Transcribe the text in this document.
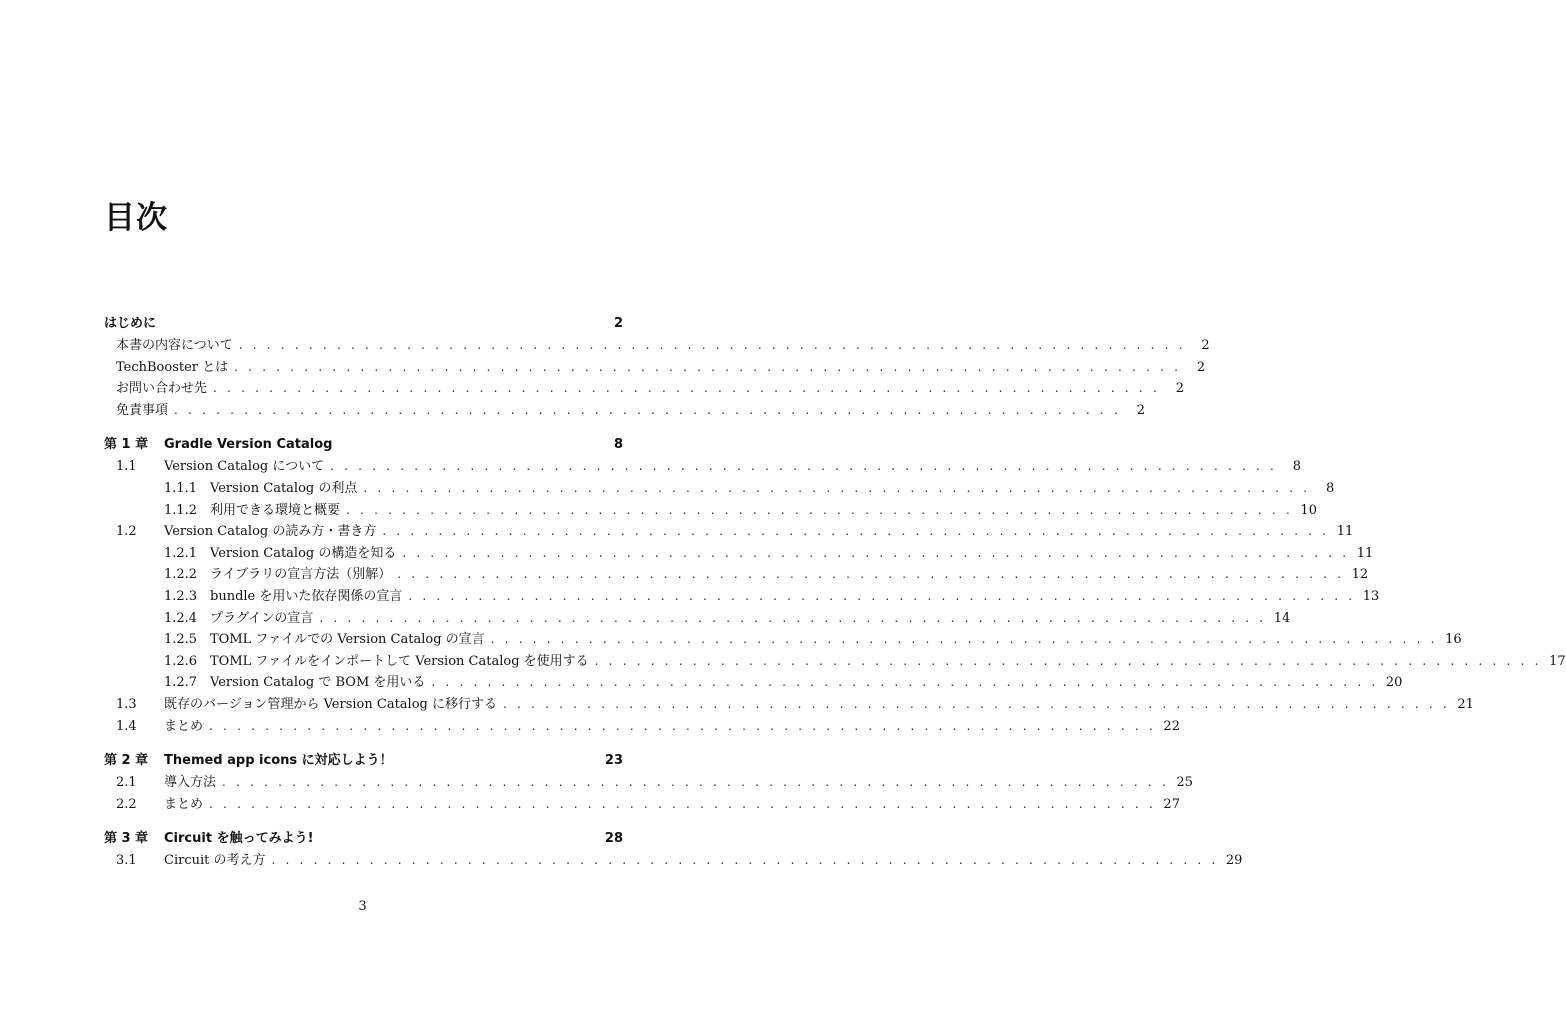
目次
はじめに	2
本書の内容について . . .	2
TechBooster とは . . .	2
お問い合わせ先 . . .	2
免責事項 . . .	2
第 1 章	Gradle Version Catalog	8
1.1	Version Catalog について . . .	8
1.1.1 Version Catalog の利点 . . .	8
1.1.2 利用できる環境と概要 . . .	10
1.2	Version Catalog の読み方・書き方 . . .	11
1.2.1 Version Catalog の構造を知る . . .	11
1.2.2 ライブラリの宣言方法（別解） . . .	12
1.2.3 bundle を用いた依存関係の宣言 . . .	13
1.2.4 プラグインの宣言 . . .	14
1.2.5 TOML ファイルでの Version Catalog の宣言 . . .	16
1.2.6 TOML ファイルをインポートして Version Catalog を使用する . . .	17
1.2.7 Version Catalog で BOM を用いる . . .	20
1.3	既存のバージョン管理から Version Catalog に移行する . . .	21
1.4	まとめ . . .	22
第 2 章	Themed app icons に対応しよう！	23
2.1	導入方法 . . .	25
2.2	まとめ . . .	27
第 3 章	Circuit を触ってみよう!	28
3.1	Circuit の考え方 . . .	29
3
